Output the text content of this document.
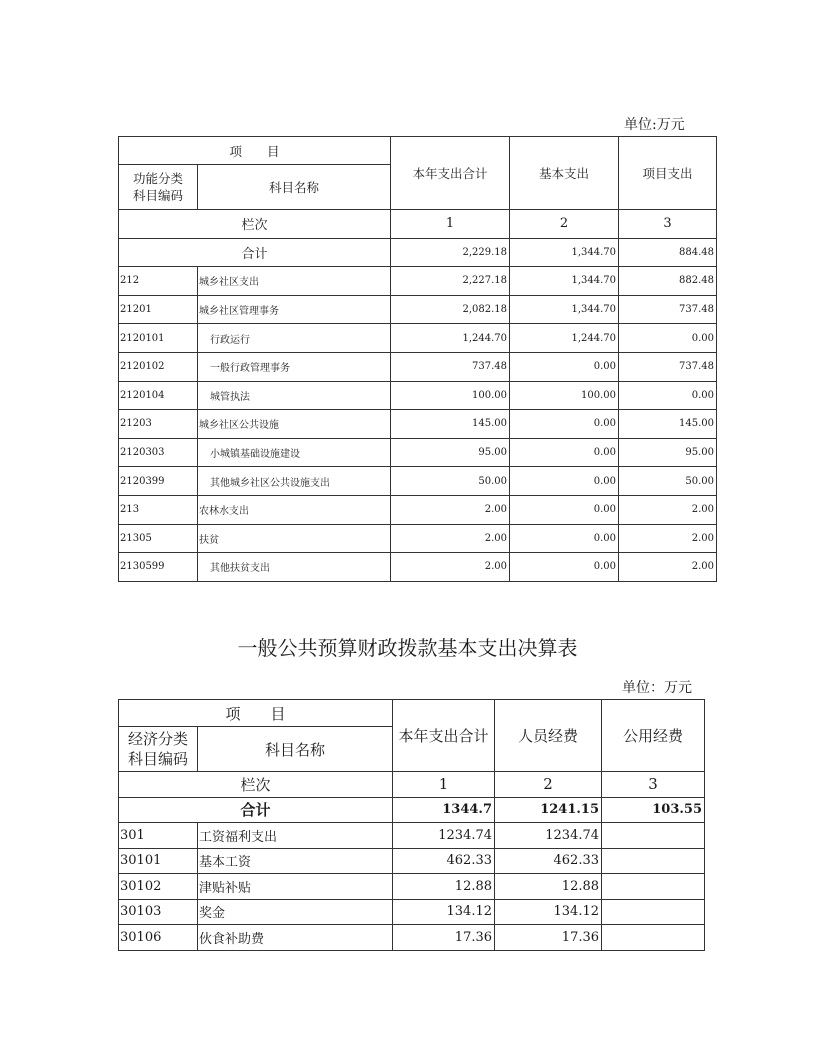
单位:万元
项　　目		本年支出合计	基本支出	项目支出
功能分类
科目编码	科目名称			
栏次		1	2	3
合计		2,229.18	1,344.70	884.48
212	城乡社区支出	2,227.18	1,344.70	882.48
21201	城乡社区管理事务	2,082.18	1,344.70	737.48
2120101	行政运行	1,244.70	1,244.70	0.00
2120102	一般行政管理事务	737.48	0.00	737.48
2120104	城管执法	100.00	100.00	0.00
21203	城乡社区公共设施	145.00	0.00	145.00
2120303	小城镇基础设施建设	95.00	0.00	95.00
2120399	其他城乡社区公共设施支出	50.00	0.00	50.00
213	农林水支出	2.00	0.00	2.00
21305	扶贫	2.00	0.00	2.00
2130599	其他扶贫支出	2.00	0.00	2.00
一般公共预算财政拨款基本支出决算表
单位：万元
项　　目		本年支出合计	人员经费	公用经费
经济分类
科目编码	科目名称			
栏次		1	2	3
合计		1344.7	1241.15	103.55
301	工资福利支出	1234.74	1234.74	
30101	基本工资	462.33	462.33	
30102	津贴补贴	12.88	12.88	
30103	奖金	134.12	134.12	
30106	伙食补助费	17.36	17.36	
